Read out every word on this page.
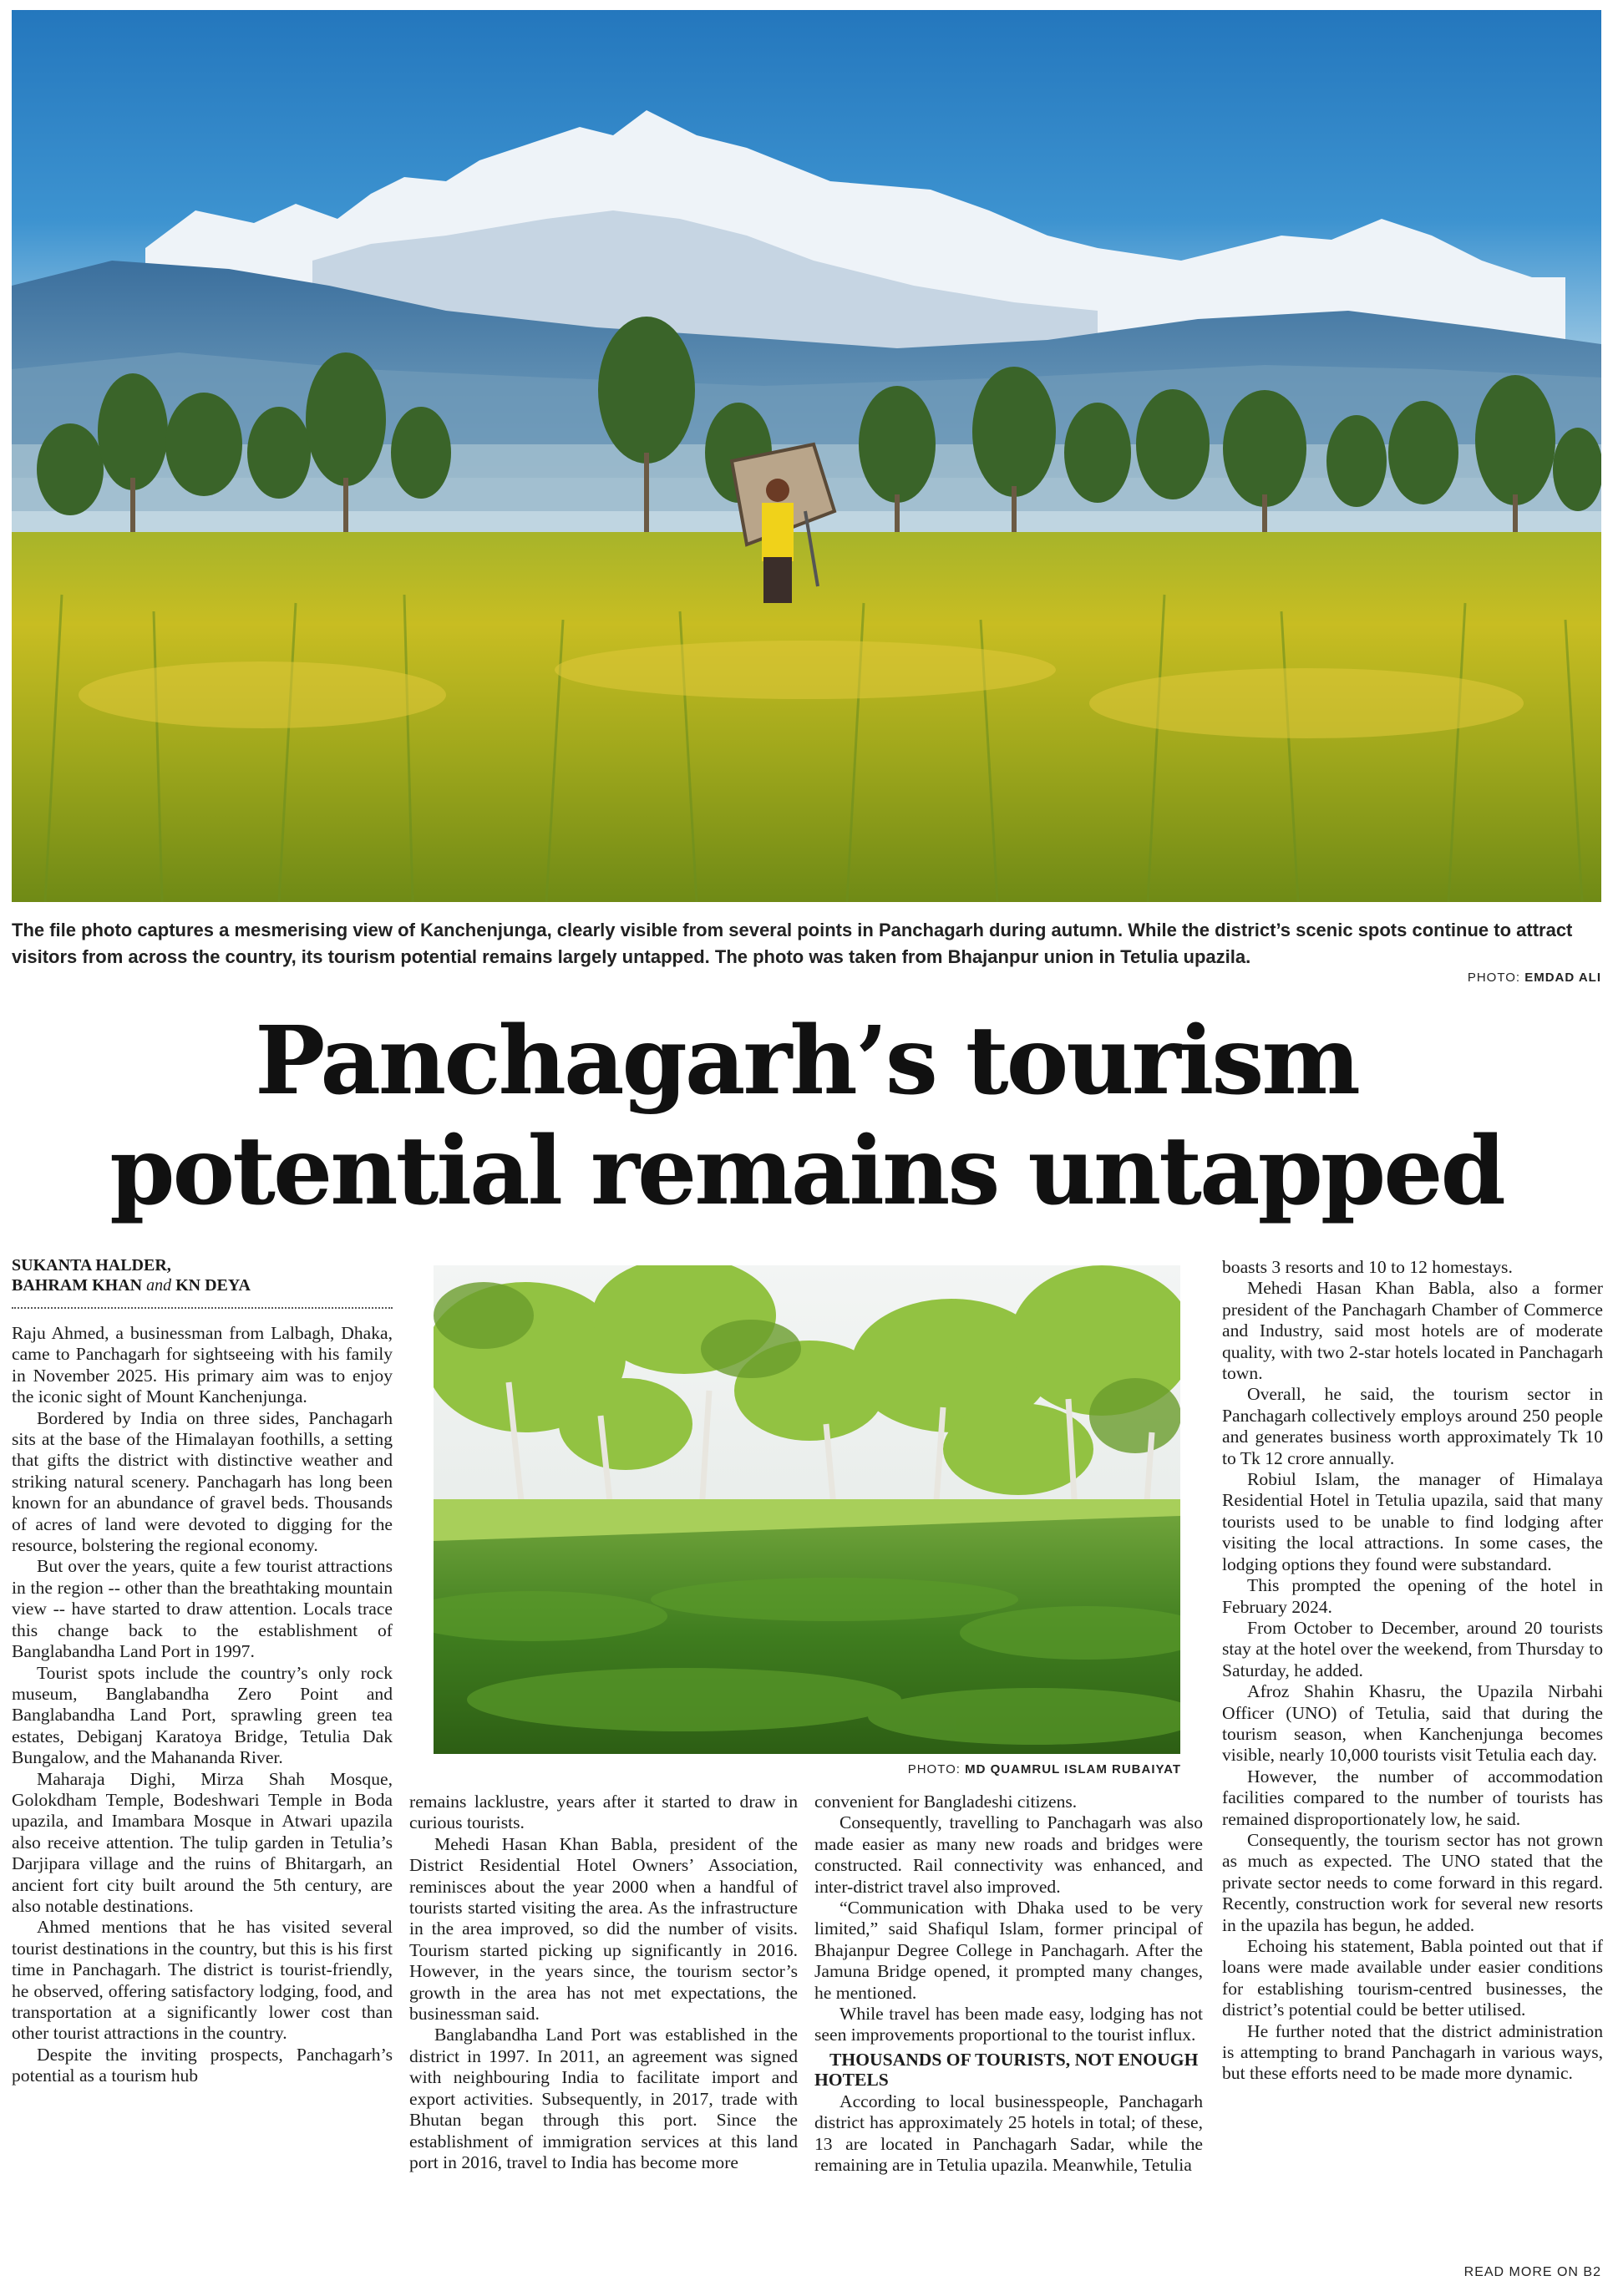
The file photo captures a mesmerising view of Kanchenjunga, clearly visible from several points in Panchagarh during autumn. While the district’s scenic spots continue to attract visitors from across the country, its tourism potential remains largely untapped. The photo was taken from Bhajanpur union in Tetulia upazila.
PHOTO: EMDAD ALI
Panchagarh’s tourism
potential remains untapped
SUKANTA HALDER,
BAHRAM KHAN and KN DEYA

Raju Ahmed, a businessman from Lalbagh, Dhaka, came to Panchagarh for sightseeing with his family in November 2025. His primary aim was to enjoy the iconic sight of Mount Kanchenjunga.

Bordered by India on three sides, Panchagarh sits at the base of the Himalayan foothills, a setting that gifts the district with distinctive weather and striking natural scenery. Panchagarh has long been known for an abundance of gravel beds. Thousands of acres of land were devoted to digging for the resource, bolstering the regional economy.

But over the years, quite a few tourist attractions in the region -- other than the breathtaking mountain view -- have started to draw attention. Locals trace this change back to the establishment of Banglabandha Land Port in 1997.

Tourist spots include the country’s only rock museum, Banglabandha Zero Point and Banglabandha Land Port, sprawling green tea estates, Debiganj Karatoya Bridge, Tetulia Dak Bungalow, and the Mahananda River.

Maharaja Dighi, Mirza Shah Mosque, Golokdham Temple, Bodeshwari Temple in Boda upazila, and Imambara Mosque in Atwari upazila also receive attention. The tulip garden in Tetulia’s Darjipara village and the ruins of Bhitargarh, an ancient fort city built around the 5th century, are also notable destinations.

Ahmed mentions that he has visited several tourist destinations in the country, but this is his first time in Panchagarh. The district is tourist-friendly, he observed, offering satisfactory lodging, food, and transportation at a significantly lower cost than other tourist attractions in the country.

Despite the inviting prospects, Panchagarh’s potential as a tourism hub

PHOTO: MD QUAMRUL ISLAM RUBAIYAT

remains lacklustre, years after it started to draw in curious tourists.

Mehedi Hasan Khan Babla, president of the District Residential Hotel Owners’ Association, reminisces about the year 2000 when a handful of tourists started visiting the area. As the infrastructure in the area improved, so did the number of visits. Tourism started picking up significantly in 2016. However, in the years since, the tourism sector’s growth in the area has not met expectations, the businessman said.

Banglabandha Land Port was established in the district in 1997. In 2011, an agreement was signed with neighbouring India to facilitate import and export activities. Subsequently, in 2017, trade with Bhutan began through this port. Since the establishment of immigration services at this land port in 2016, travel to India has become more

convenient for Bangladeshi citizens.

Consequently, travelling to Panchagarh was also made easier as many new roads and bridges were constructed. Rail connectivity was enhanced, and inter-district travel also improved.

“Communication with Dhaka used to be very limited,” said Shafiqul Islam, former principal of Bhajanpur Degree College in Panchagarh. After the Jamuna Bridge opened, it prompted many changes, he mentioned.

While travel has been made easy, lodging has not seen improvements proportional to the tourist influx.

THOUSANDS OF TOURISTS, NOT ENOUGH HOTELS

According to local businesspeople, Panchagarh district has approximately 25 hotels in total; of these, 13 are located in Panchagarh Sadar, while the remaining are in Tetulia upazila. Meanwhile, Tetulia

boasts 3 resorts and 10 to 12 homestays.

Mehedi Hasan Khan Babla, also a former president of the Panchagarh Chamber of Commerce and Industry, said most hotels are of moderate quality, with two 2-star hotels located in Panchagarh town.

Overall, he said, the tourism sector in Panchagarh collectively employs around 250 people and generates business worth approximately Tk 10 to Tk 12 crore annually.

Robiul Islam, the manager of Himalaya Residential Hotel in Tetulia upazila, said that many tourists used to be unable to find lodging after visiting the local attractions. In some cases, the lodging options they found were substandard.

This prompted the opening of the hotel in February 2024.

From October to December, around 20 tourists stay at the hotel over the weekend, from Thursday to Saturday, he added.

Afroz Shahin Khasru, the Upazila Nirbahi Officer (UNO) of Tetulia, said that during the tourism season, when Kanchenjunga becomes visible, nearly 10,000 tourists visit Tetulia each day.

However, the number of accommodation facilities compared to the number of tourists has remained disproportionately low, he said.

Consequently, the tourism sector has not grown as much as expected. The UNO stated that the private sector needs to come forward in this regard. Recently, construction work for several new resorts in the upazila has begun, he added.

Echoing his statement, Babla pointed out that if loans were made available under easier conditions for establishing tourism-centred businesses, the district’s potential could be better utilised.

He further noted that the district administration is attempting to brand Panchagarh in various ways, but these efforts need to be made more dynamic.

READ MORE ON B2
